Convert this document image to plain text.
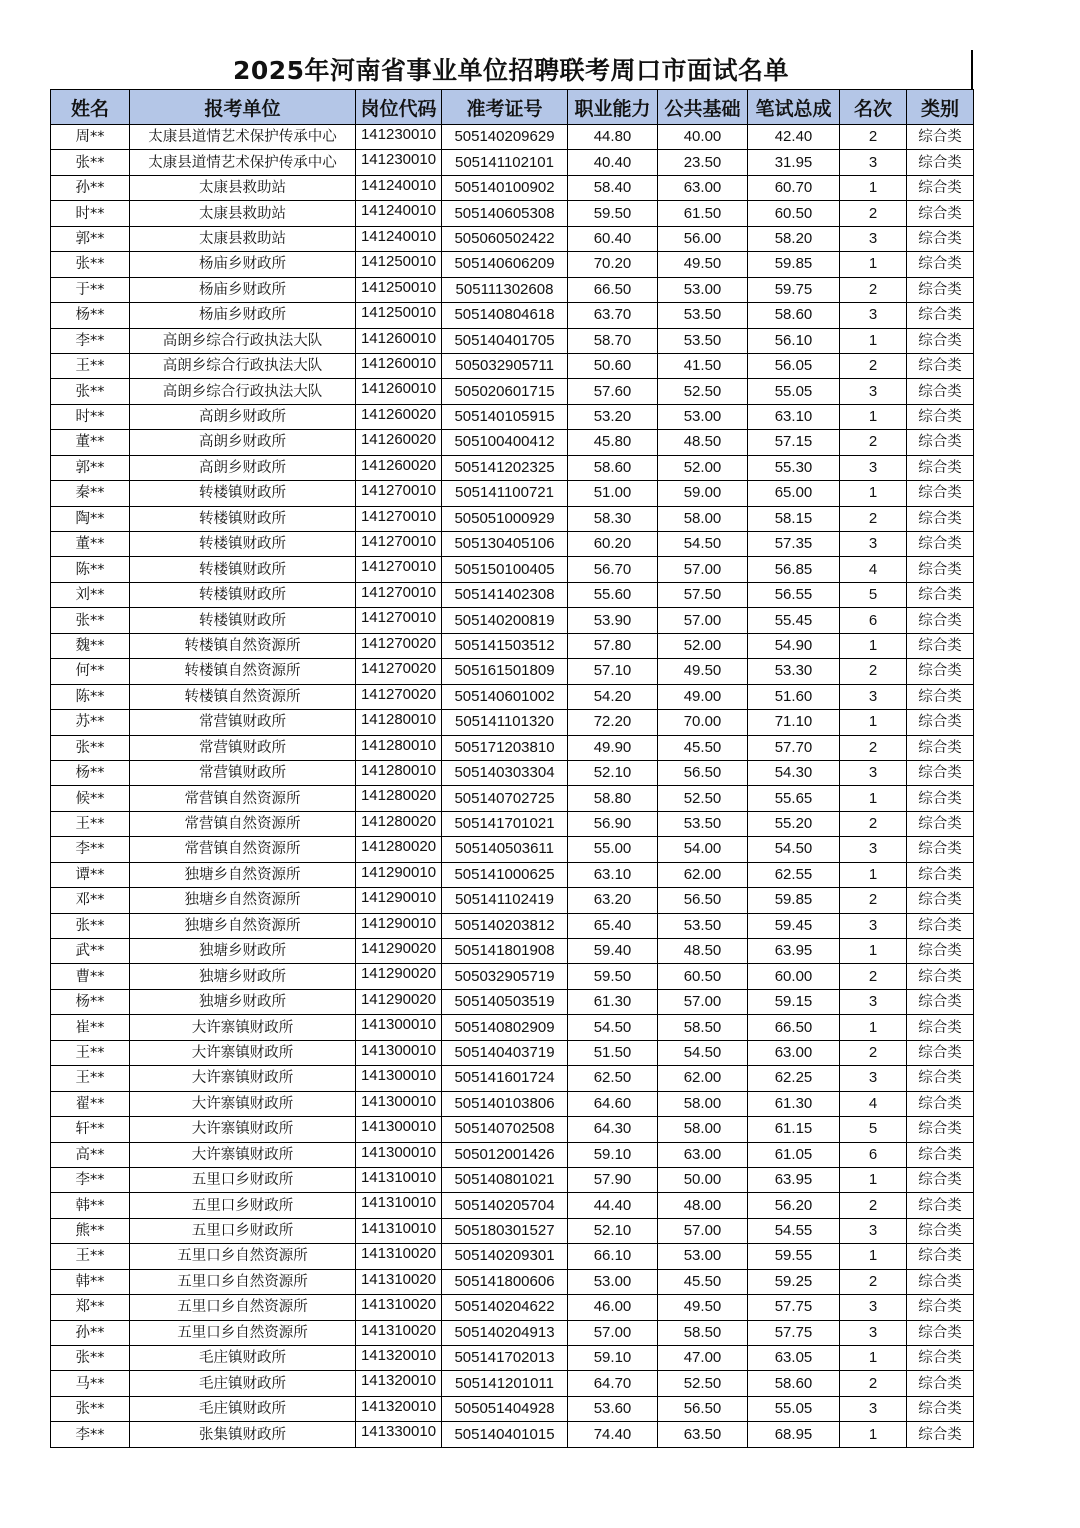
2025年河南省事业单位招聘联考周口市面试名单
姓名	报考单位	岗位代码	准考证号	职业能力	公共基础	笔试总成	名次	类别
周**	太康县道情艺术保护传承中心	141230010	505140209629	44.80	40.00	42.40	2	综合类
张**	太康县道情艺术保护传承中心	141230010	505141102101	40.40	23.50	31.95	3	综合类
孙**	太康县救助站	141240010	505140100902	58.40	63.00	60.70	1	综合类
时**	太康县救助站	141240010	505140605308	59.50	61.50	60.50	2	综合类
郭**	太康县救助站	141240010	505060502422	60.40	56.00	58.20	3	综合类
张**	杨庙乡财政所	141250010	505140606209	70.20	49.50	59.85	1	综合类
于**	杨庙乡财政所	141250010	505111302608	66.50	53.00	59.75	2	综合类
杨**	杨庙乡财政所	141250010	505140804618	63.70	53.50	58.60	3	综合类
李**	高朗乡综合行政执法大队	141260010	505140401705	58.70	53.50	56.10	1	综合类
王**	高朗乡综合行政执法大队	141260010	505032905711	50.60	41.50	56.05	2	综合类
张**	高朗乡综合行政执法大队	141260010	505020601715	57.60	52.50	55.05	3	综合类
时**	高朗乡财政所	141260020	505140105915	53.20	53.00	63.10	1	综合类
董**	高朗乡财政所	141260020	505100400412	45.80	48.50	57.15	2	综合类
郭**	高朗乡财政所	141260020	505141202325	58.60	52.00	55.30	3	综合类
秦**	转楼镇财政所	141270010	505141100721	51.00	59.00	65.00	1	综合类
陶**	转楼镇财政所	141270010	505051000929	58.30	58.00	58.15	2	综合类
董**	转楼镇财政所	141270010	505130405106	60.20	54.50	57.35	3	综合类
陈**	转楼镇财政所	141270010	505150100405	56.70	57.00	56.85	4	综合类
刘**	转楼镇财政所	141270010	505141402308	55.60	57.50	56.55	5	综合类
张**	转楼镇财政所	141270010	505140200819	53.90	57.00	55.45	6	综合类
魏**	转楼镇自然资源所	141270020	505141503512	57.80	52.00	54.90	1	综合类
何**	转楼镇自然资源所	141270020	505161501809	57.10	49.50	53.30	2	综合类
陈**	转楼镇自然资源所	141270020	505140601002	54.20	49.00	51.60	3	综合类
苏**	常营镇财政所	141280010	505141101320	72.20	70.00	71.10	1	综合类
张**	常营镇财政所	141280010	505171203810	49.90	45.50	57.70	2	综合类
杨**	常营镇财政所	141280010	505140303304	52.10	56.50	54.30	3	综合类
候**	常营镇自然资源所	141280020	505140702725	58.80	52.50	55.65	1	综合类
王**	常营镇自然资源所	141280020	505141701021	56.90	53.50	55.20	2	综合类
李**	常营镇自然资源所	141280020	505140503611	55.00	54.00	54.50	3	综合类
谭**	独塘乡自然资源所	141290010	505141000625	63.10	62.00	62.55	1	综合类
邓**	独塘乡自然资源所	141290010	505141102419	63.20	56.50	59.85	2	综合类
张**	独塘乡自然资源所	141290010	505140203812	65.40	53.50	59.45	3	综合类
武**	独塘乡财政所	141290020	505141801908	59.40	48.50	63.95	1	综合类
曹**	独塘乡财政所	141290020	505032905719	59.50	60.50	60.00	2	综合类
杨**	独塘乡财政所	141290020	505140503519	61.30	57.00	59.15	3	综合类
崔**	大许寨镇财政所	141300010	505140802909	54.50	58.50	66.50	1	综合类
王**	大许寨镇财政所	141300010	505140403719	51.50	54.50	63.00	2	综合类
王**	大许寨镇财政所	141300010	505141601724	62.50	62.00	62.25	3	综合类
翟**	大许寨镇财政所	141300010	505140103806	64.60	58.00	61.30	4	综合类
轩**	大许寨镇财政所	141300010	505140702508	64.30	58.00	61.15	5	综合类
高**	大许寨镇财政所	141300010	505012001426	59.10	63.00	61.05	6	综合类
李**	五里口乡财政所	141310010	505140801021	57.90	50.00	63.95	1	综合类
韩**	五里口乡财政所	141310010	505140205704	44.40	48.00	56.20	2	综合类
熊**	五里口乡财政所	141310010	505180301527	52.10	57.00	54.55	3	综合类
王**	五里口乡自然资源所	141310020	505140209301	66.10	53.00	59.55	1	综合类
韩**	五里口乡自然资源所	141310020	505141800606	53.00	45.50	59.25	2	综合类
郑**	五里口乡自然资源所	141310020	505140204622	46.00	49.50	57.75	3	综合类
孙**	五里口乡自然资源所	141310020	505140204913	57.00	58.50	57.75	3	综合类
张**	毛庄镇财政所	141320010	505141702013	59.10	47.00	63.05	1	综合类
马**	毛庄镇财政所	141320010	505141201011	64.70	52.50	58.60	2	综合类
张**	毛庄镇财政所	141320010	505051404928	53.60	56.50	55.05	3	综合类
李**	张集镇财政所	141330010	505140401015	74.40	63.50	68.95	1	综合类
